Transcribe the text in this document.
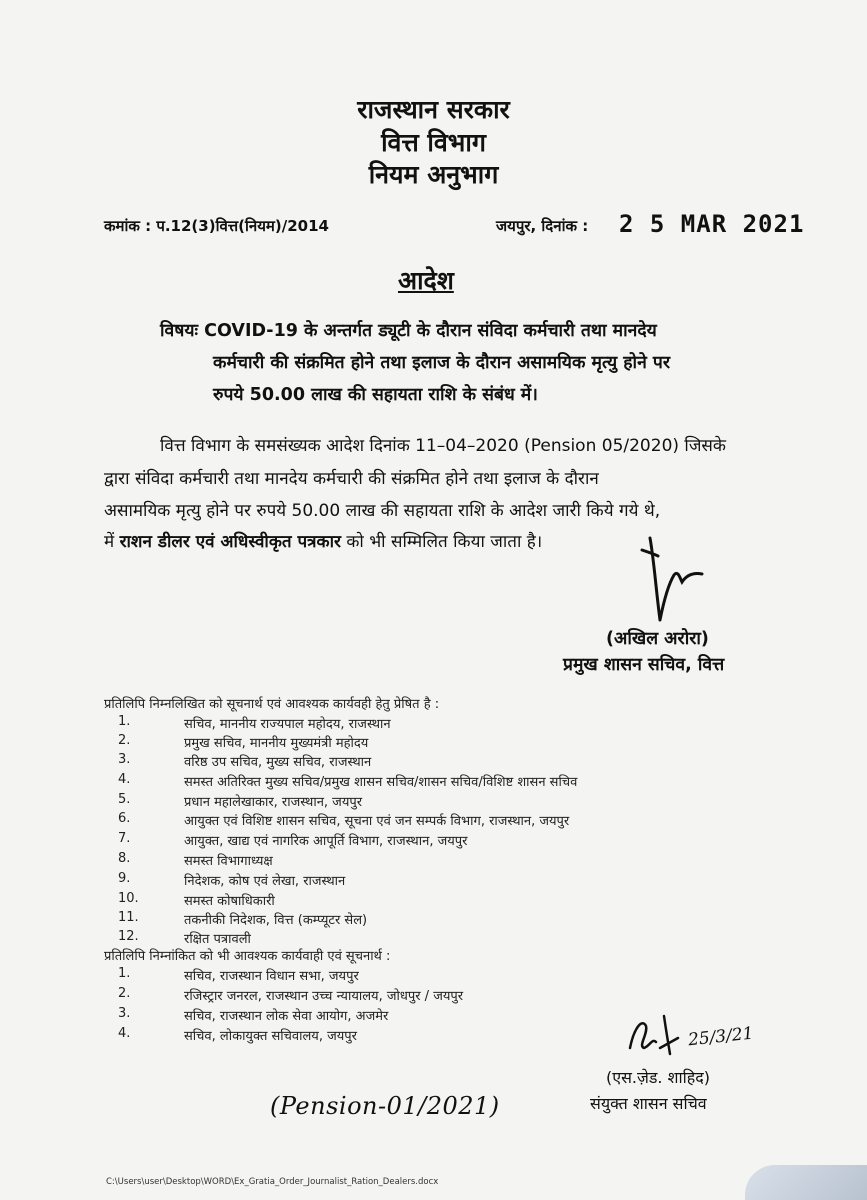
राजस्थान सरकार
वित्त विभाग
नियम अनुभाग
कमांक : प.12(3)वित्त(नियम)/2014	जयपुर, दिनांक : 2 5 MAR 2021
आदेश
विषयः COVID-19 के अन्तर्गत ड्यूटी के दौरान संविदा कर्मचारी तथा मानदेय
कर्मचारी की संक्रमित होने तथा इलाज के दौरान असामयिक मृत्यु होने पर
रुपये 50.00 लाख की सहायता राशि के संबंध में।
वित्त विभाग के समसंख्यक आदेश दिनांक 11–04–2020 (Pension 05/2020) जिसके
द्वारा संविदा कर्मचारी तथा मानदेय कर्मचारी की संक्रमित होने तथा इलाज के दौरान
असामयिक मृत्यु होने पर रुपये 50.00 लाख की सहायता राशि के आदेश जारी किये गये थे,
में राशन डीलर एवं अधिस्वीकृत पत्रकार को भी सम्मिलित किया जाता है।
(अखिल अरोरा)
प्रमुख शासन सचिव, वित्त
प्रतिलिपि निम्नलिखित को सूचनार्थ एवं आवश्यक कार्यवही हेतु प्रेषित है :
1.	सचिव, माननीय राज्यपाल महोदय, राजस्थान
2.	प्रमुख सचिव, माननीय मुख्यमंत्री महोदय
3.	वरिष्ठ उप सचिव, मुख्य सचिव, राजस्थान
4.	समस्त अतिरिक्त मुख्य सचिव/प्रमुख शासन सचिव/शासन सचिव/विशिष्ट शासन सचिव
5.	प्रधान महालेखाकार, राजस्थान, जयपुर
6.	आयुक्त एवं विशिष्ट शासन सचिव, सूचना एवं जन सम्पर्क विभाग, राजस्थान, जयपुर
7.	आयुक्त, खाद्य एवं नागरिक आपूर्ति विभाग, राजस्थान, जयपुर
8.	समस्त विभागाध्यक्ष
9.	निदेशक, कोष एवं लेखा, राजस्थान
10.	समस्त कोषाधिकारी
11.	तकनीकी निदेशक, वित्त (कम्प्यूटर सेल)
12.	रक्षित पत्रावली
प्रतिलिपि निम्नांकित को भी आवश्यक कार्यवाही एवं सूचनार्थ :
1.	सचिव, राजस्थान विधान सभा, जयपुर
2.	रजिस्ट्रार जनरल, राजस्थान उच्च न्यायालय, जोधपुर / जयपुर
3.	सचिव, राजस्थान लोक सेवा आयोग, अजमेर
4.	सचिव, लोकायुक्त सचिवालय, जयपुर	25/3/21
(एस.ज़ेड. शाहिद)
संयुक्त शासन सचिव
(Pension-01/2021)
C:\Users\user\Desktop\WORD\Ex_Gratia_Order_Journalist_Ration_Dealers.docx
